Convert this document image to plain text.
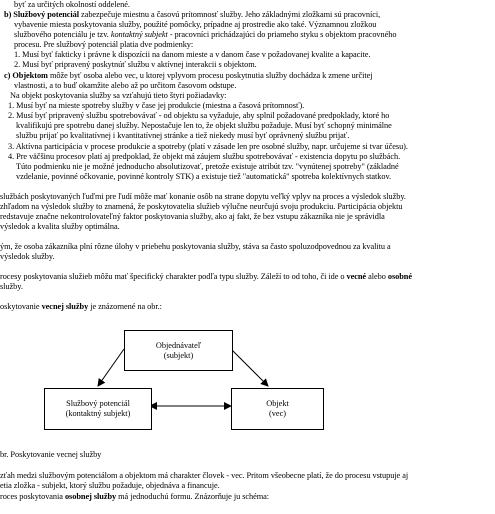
byť za určitých okolností oddelené.
b) Službový potenciál zabezpečuje miestnu a časovú prítomnosť služby. Jeho základnými zložkami sú pracovníci,
vybavenie miesta poskytovania služby, použité pomôcky, prípadne aj prostredie ako také. Významnou zložkou
službového potenciálu je tzv. kontaktný subjekt - pracovníci prichádzajúci do priameho styku s objektom pracovného
procesu. Pre službový potenciál platia dve podmienky:
1. Musí byť fakticky i právne k dispozícii na danom mieste a v danom čase v požadovanej kvalite a kapacite.
2. Musí byť pripravený poskytnúť službu v aktívnej interakcii s objektom.
c) Objektom môže byť osoba alebo vec, u ktorej vplyvom procesu poskytnutia služby dochádza k zmene určitej
vlastnosti, a to buď okamžite alebo až po určitom časovom odstupe.
Na objekt poskytovania služby sa vzťahujú tieto štyri požiadavky:
1. Musí byť na mieste spotreby služby v čase jej produkcie (miestna a časová prítomnosť).
2. Musí byť pripravený službu spotrebovávať - od objektu sa vyžaduje, aby splnil požadované predpoklady, ktoré ho
kvalifikujú pre spotrebu danej služby. Nepostačuje len to, že objekt službu požaduje. Musí byť schopný minimálne
službu prijať po kvalitatívnej i kvantitatívnej stránke a tiež niekedy musí byť oprávnený službu prijať.
3. Aktívna participácia v procese produkcie a spotreby (platí v zásade len pre osobné služby, napr. určujeme si tvar účesu).
4. Pre väčšinu procesov platí aj predpoklad, že objekt má záujem službu spotrebovávať - existencia dopytu po službách.
Túto podmienku nie je možné jednoducho absolutizovať, pretože existuje atribút tzv. "vynútenej spotreby" (základné
vzdelanie, povinné očkovanie, povinné kontroly STK) a existuje tiež "automatická" spotreba kolektívnych statkov.
službách poskytovaných ľuďmi pre ľudí môže mať konanie osôb na strane dopytu veľký vplyv na proces a výsledok služby.
zhľadom na výsledok služby to znamená, že poskytovatelia služieb výlučne neurčujú svoju produkciu. Participácia objektu
redstavuje značne nekontrolovateľný faktor poskytovania služby, ako aj fakt, že bez vstupu zákazníka nie je správidla
výsledok a kvalita služby optimálna.
ým, že osoba zákazníka plní rôzne úlohy v priebehu poskytovania služby, stáva sa často spoluzodpovednou za kvalitu a
výsledok služby.
rocesy poskytovania služieb môžu mať špecifický charakter podľa typu služby. Záleží to od toho, či ide o vecné alebo osobné
služby.
oskytovanie vecnej služby je znázornené na obr.:
Objednávateľ
(subjekt)
Službový potenciál
(kontaktný subjekt)
Objekt
(vec)
br. Poskytovanie vecnej služby
zťah medzi službovým potenciálom a objektom má charakter človek - vec. Pritom všeobecne platí, že do procesu vstupuje aj
etia zložka - subjekt, ktorý službu požaduje, objednáva a financuje.
roces poskytovania osobnej služby má jednoduchú formu. Znázorňuje ju schéma:
